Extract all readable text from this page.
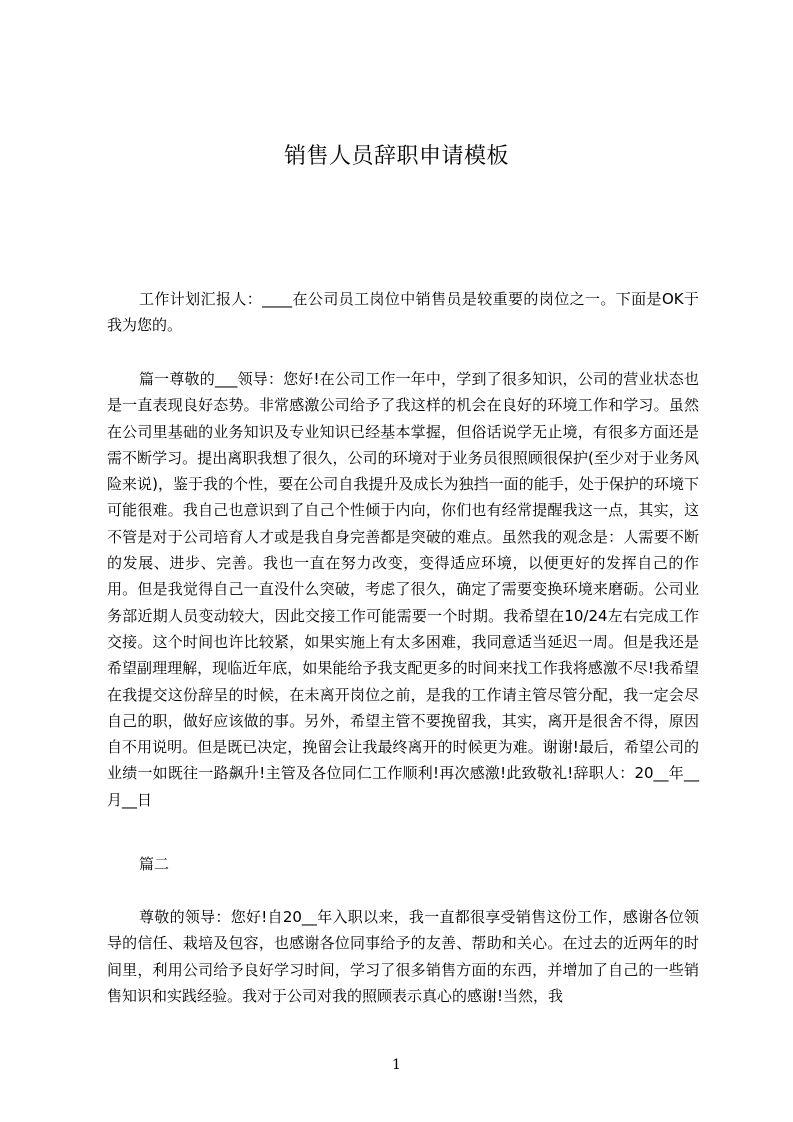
销售人员辞职申请模板

工作计划汇报人：____在公司员工岗位中销售员是较重要的岗位之一。下面是OK于我为您的。

篇一尊敬的___领导：您好!在公司工作一年中，学到了很多知识，公司的营业状态也是一直表现良好态势。非常感激公司给予了我这样的机会在良好的环境工作和学习。虽然在公司里基础的业务知识及专业知识已经基本掌握，但俗话说学无止境，有很多方面还是需不断学习。提出离职我想了很久，公司的环境对于业务员很照顾很保护(至少对于业务风险来说)，鉴于我的个性，要在公司自我提升及成长为独挡一面的能手，处于保护的环境下可能很难。我自己也意识到了自己个性倾于内向，你们也有经常提醒我这一点，其实，这不管是对于公司培育人才或是我自身完善都是突破的难点。虽然我的观念是：人需要不断的发展、进步、完善。我也一直在努力改变，变得适应环境，以便更好的发挥自己的作用。但是我觉得自己一直没什么突破，考虑了很久，确定了需要变换环境来磨砺。公司业务部近期人员变动较大，因此交接工作可能需要一个时期。我希望在10/24左右完成工作交接。这个时间也许比较紧，如果实施上有太多困难，我同意适当延迟一周。但是我还是希望副理理解，现临近年底，如果能给予我支配更多的时间来找工作我将感激不尽!我希望在我提交这份辞呈的时候，在未离开岗位之前，是我的工作请主管尽管分配，我一定会尽自己的职，做好应该做的事。另外，希望主管不要挽留我，其实，离开是很舍不得，原因自不用说明。但是既已决定，挽留会让我最终离开的时候更为难。谢谢!最后，希望公司的业绩一如既往一路飙升!主管及各位同仁工作顺利!再次感激!此致敬礼!辞职人：20__年__月__日

篇二

尊敬的领导：您好!自20__年入职以来，我一直都很享受销售这份工作，感谢各位领导的信任、栽培及包容，也感谢各位同事给予的友善、帮助和关心。在过去的近两年的时间里，利用公司给予良好学习时间，学习了很多销售方面的东西，并增加了自己的一些销售知识和实践经验。我对于公司对我的照顾表示真心的感谢!当然，我

1
